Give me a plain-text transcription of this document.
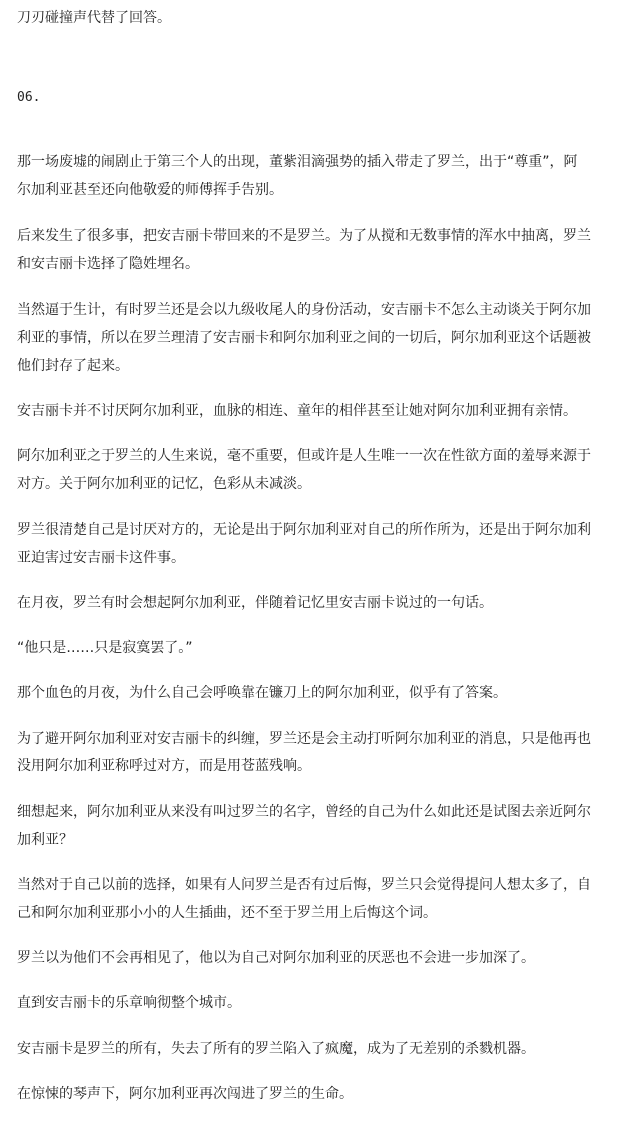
刀刃碰撞声代替了回答。
06.
那一场废墟的闹剧止于第三个人的出现，董紫泪滴强势的插入带走了罗兰，出于“尊重”，阿
尔加利亚甚至还向他敬爱的师傅挥手告别。
后来发生了很多事，把安吉丽卡带回来的不是罗兰。为了从搅和无数事情的浑水中抽离，罗兰
和安吉丽卡选择了隐姓埋名。
当然逼于生计，有时罗兰还是会以九级收尾人的身份活动，安吉丽卡不怎么主动谈关于阿尔加
利亚的事情，所以在罗兰理清了安吉丽卡和阿尔加利亚之间的一切后，阿尔加利亚这个话题被
他们封存了起来。
安吉丽卡并不讨厌阿尔加利亚，血脉的相连、童年的相伴甚至让她对阿尔加利亚拥有亲情。
阿尔加利亚之于罗兰的人生来说，毫不重要，但或许是人生唯一一次在性欲方面的羞辱来源于
对方。关于阿尔加利亚的记忆，色彩从未减淡。
罗兰很清楚自己是讨厌对方的，无论是出于阿尔加利亚对自己的所作所为，还是出于阿尔加利
亚迫害过安吉丽卡这件事。
在月夜，罗兰有时会想起阿尔加利亚，伴随着记忆里安吉丽卡说过的一句话。
“他只是……只是寂寞罢了。”
那个血色的月夜，为什么自己会呼唤靠在镰刀上的阿尔加利亚，似乎有了答案。
为了避开阿尔加利亚对安吉丽卡的纠缠，罗兰还是会主动打听阿尔加利亚的消息，只是他再也
没用阿尔加利亚称呼过对方，而是用苍蓝残响。
细想起来，阿尔加利亚从来没有叫过罗兰的名字，曾经的自己为什么如此还是试图去亲近阿尔
加利亚？
当然对于自己以前的选择，如果有人问罗兰是否有过后悔，罗兰只会觉得提问人想太多了，自
己和阿尔加利亚那小小的人生插曲，还不至于罗兰用上后悔这个词。
罗兰以为他们不会再相见了，他以为自己对阿尔加利亚的厌恶也不会进一步加深了。
直到安吉丽卡的乐章响彻整个城市。
安吉丽卡是罗兰的所有，失去了所有的罗兰陷入了疯魔，成为了无差别的杀戮机器。
在惊悚的琴声下，阿尔加利亚再次闯进了罗兰的生命。
